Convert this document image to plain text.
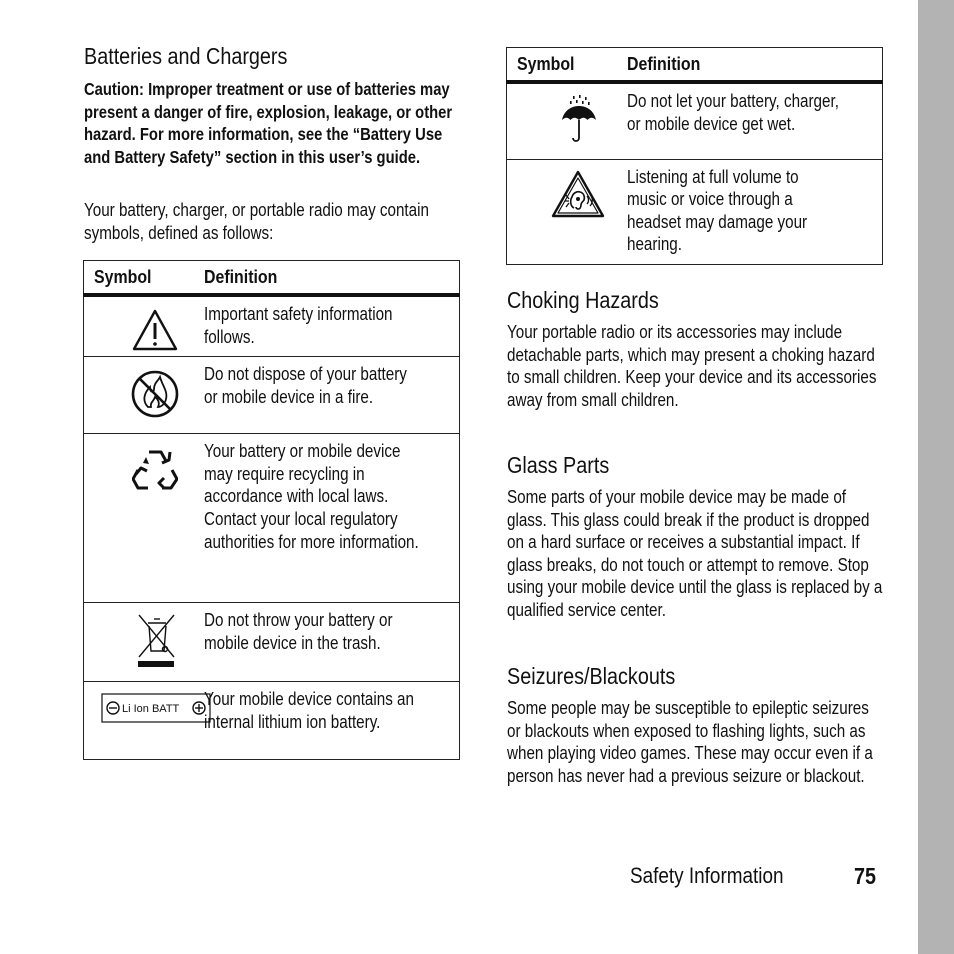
Batteries and Chargers
Caution: Improper treatment or use of batteries may present a danger of fire, explosion, leakage, or other hazard. For more information, see the “Battery Use and Battery Safety” section in this user’s guide.
Your battery, charger, or portable radio may contain symbols, defined as follows:
Symbol	Definition

Important safety information follows.

Do not dispose of your battery or mobile device in a fire.

Your battery or mobile device may require recycling in accordance with local laws. Contact your local regulatory authorities for more information.

Do not throw your battery or mobile device in the trash.

Li Ion BATT	Your mobile device contains an internal lithium ion battery.
Symbol	Definition

Do not let your battery, charger, or mobile device get wet.

Listening at full volume to music or voice through a headset may damage your hearing.
Choking Hazards
Your portable radio or its accessories may include detachable parts, which may present a choking hazard to small children. Keep your device and its accessories away from small children.
Glass Parts
Some parts of your mobile device may be made of glass. This glass could break if the product is dropped on a hard surface or receives a substantial impact. If glass breaks, do not touch or attempt to remove. Stop using your mobile device until the glass is replaced by a qualified service center.
Seizures/Blackouts
Some people may be susceptible to epileptic seizures or blackouts when exposed to flashing lights, such as when playing video games. These may occur even if a person has never had a previous seizure or blackout.
Safety Information	75
